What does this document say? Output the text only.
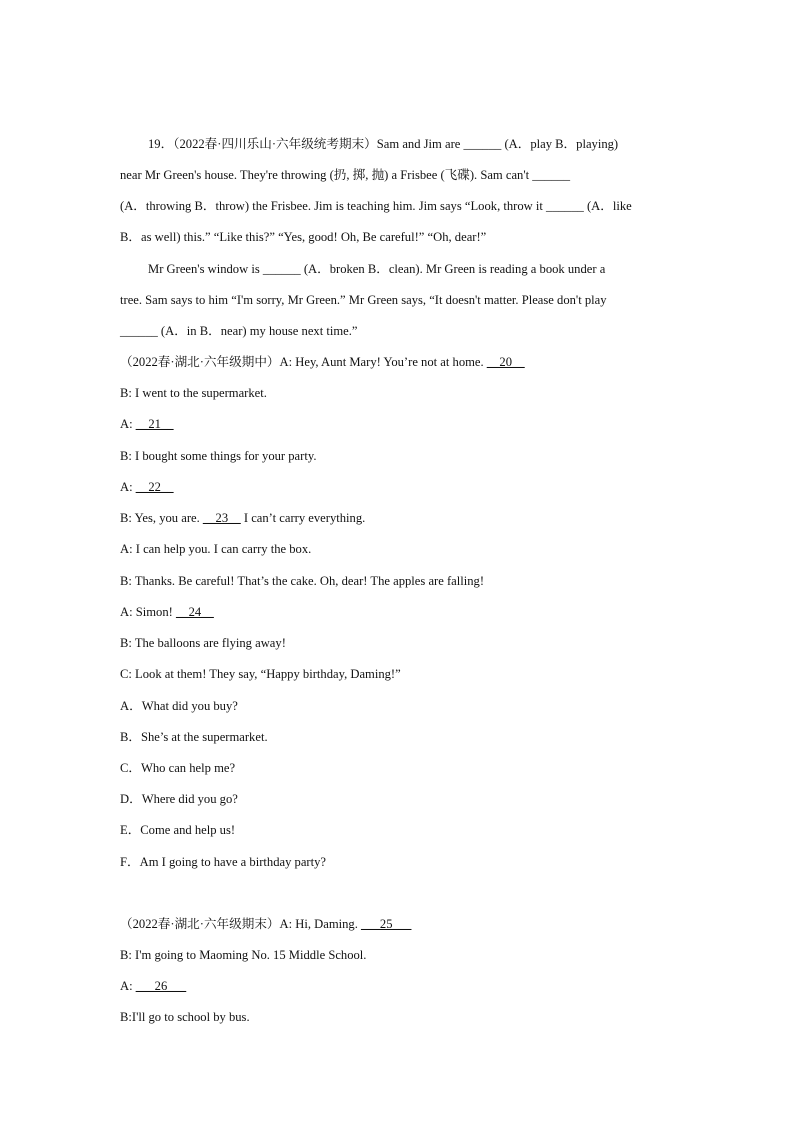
19．（2022春·四川乐山·六年级统考期末）Sam and Jim are ______ (A．play B．playing)
near Mr Green's house. They're throwing (扔, 掷, 抛) a Frisbee (飞碟). Sam can't ______
(A．throwing B．throw) the Frisbee. Jim is teaching him. Jim says “Look, throw it ______ (A．like
B．as well) this.” “Like this?” “Yes, good! Oh, Be careful!” “Oh, dear!”
Mr Green's window is ______ (A．broken B．clean). Mr Green is reading a book under a
tree. Sam says to him “I'm sorry, Mr Green.” Mr Green says, “It doesn't matter. Please don't play
______ (A．in B．near) my house next time.”
（2022春·湖北·六年级期中）A: Hey, Aunt Mary! You’re not at home. __20__
B: I went to the supermarket.
A: __21__
B: I bought some things for your party.
A: __22__
B: Yes, you are. __23__ I can’t carry everything.
A: I can help you. I can carry the box.
B: Thanks. Be careful! That’s the cake. Oh, dear! The apples are falling!
A: Simon! __24__
B: The balloons are flying away!
C: Look at them! They say, “Happy birthday, Daming!”
A．What did you buy?
B．She’s at the supermarket.
C．Who can help me?
D．Where did you go?
E．Come and help us!
F．Am I going to have a birthday party?
（2022春·湖北·六年级期末）A: Hi, Daming. ___25___
B: I'm going to Maoming No. 15 Middle School.
A: ___26___
B:I'll go to school by bus.
